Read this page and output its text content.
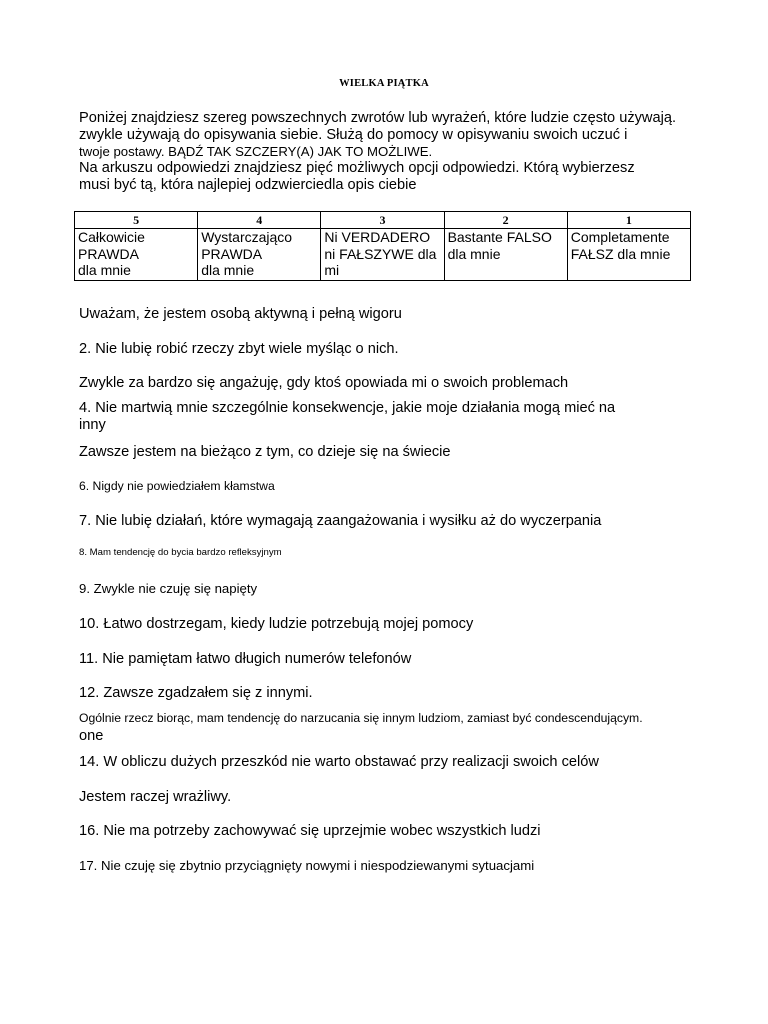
WIELKA PIĄTKA
Poniżej znajdziesz szereg powszechnych zwrotów lub wyrażeń, które ludzie często używają.
zwykle używają do opisywania siebie. Służą do pomocy w opisywaniu swoich uczuć i
twoje postawy. BĄDŹ TAK SZCZERY(A) JAK TO MOŻLIWE.
Na arkuszu odpowiedzi znajdziesz pięć możliwych opcji odpowiedzi. Którą wybierzesz
musi być tą, która najlepiej odzwierciedla opis ciebie
5	4	3	2	1
Całkowicie
PRAWDA
dla mnie	Wystarczająco
PRAWDA
dla mnie	Ni VERDADERO
ni FAŁSZYWE dla
mi	Bastante FALSO
dla mnie	Completamente
FAŁSZ dla mnie

Uważam, że jestem osobą aktywną i pełną wigoru

2. Nie lubię robić rzeczy zbyt wiele myśląc o nich.

Zwykle za bardzo się angażuję, gdy ktoś opowiada mi o swoich problemach

4. Nie martwią mnie szczególnie konsekwencje, jakie moje działania mogą mieć na
inny

Zawsze jestem na bieżąco z tym, co dzieje się na świecie

6. Nigdy nie powiedziałem kłamstwa

7. Nie lubię działań, które wymagają zaangażowania i wysiłku aż do wyczerpania

8. Mam tendencję do bycia bardzo refleksyjnym

9. Zwykle nie czuję się napięty

10. Łatwo dostrzegam, kiedy ludzie potrzebują mojej pomocy

11. Nie pamiętam łatwo długich numerów telefonów

12. Zawsze zgadzałem się z innymi.

Ogólnie rzecz biorąc, mam tendencję do narzucania się innym ludziom, zamiast być condescendującym.

one

14. W obliczu dużych przeszkód nie warto obstawać przy realizacji swoich celów

Jestem raczej wrażliwy.

16. Nie ma potrzeby zachowywać się uprzejmie wobec wszystkich ludzi

17. Nie czuję się zbytnio przyciągnięty nowymi i niespodziewanymi sytuacjami
